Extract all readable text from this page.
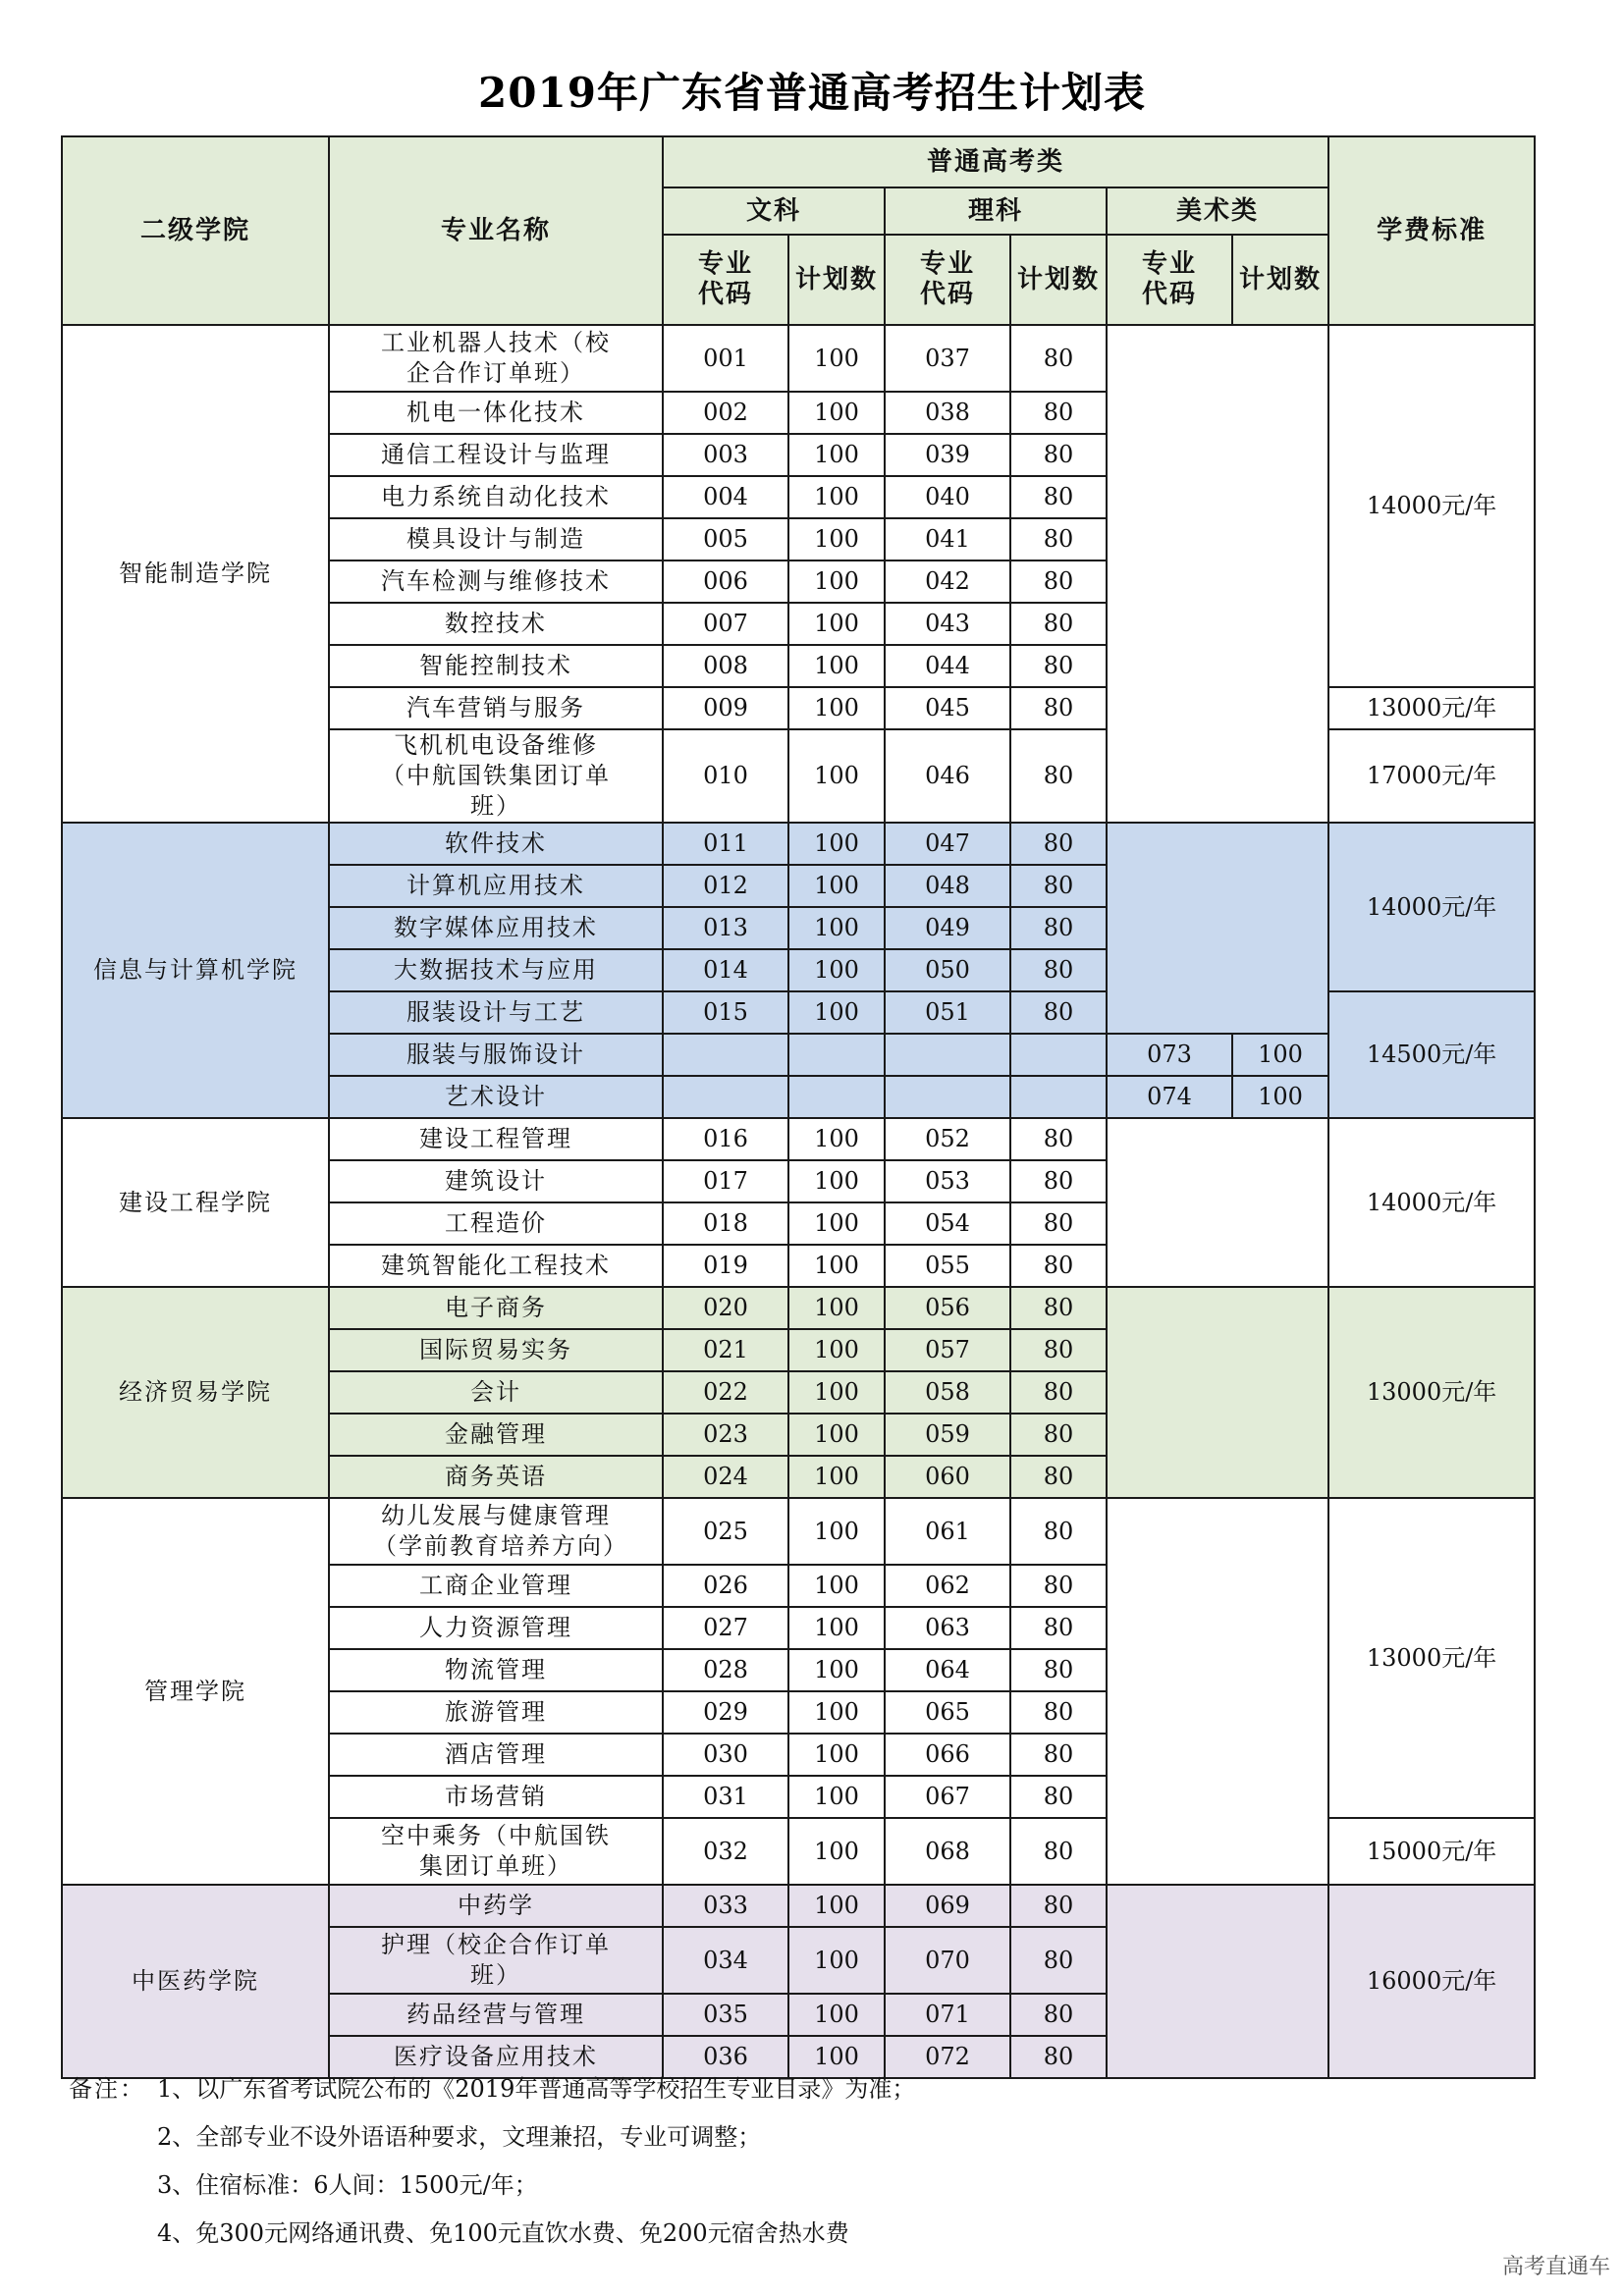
2019年广东省普通高考招生计划表
二级学院	专业名称	普通高考类						学费标准
		文科		理科		美术类		
		专业代码	计划数	专业代码	计划数	专业代码	计划数	
智能制造学院	工业机器人技术（校企合作订单班）	001	100	037	80			14000元/年
	机电一体化技术	002	100	038	80			
	通信工程设计与监理	003	100	039	80			
	电力系统自动化技术	004	100	040	80			
	模具设计与制造	005	100	041	80			
	汽车检测与维修技术	006	100	042	80			
	数控技术	007	100	043	80			
	智能控制技术	008	100	044	80			
	汽车营销与服务	009	100	045	80			13000元/年
	飞机机电设备维修（中航国铁集团订单班）	010	100	046	80			17000元/年
信息与计算机学院	软件技术	011	100	047	80			14000元/年
	计算机应用技术	012	100	048	80			
	数字媒体应用技术	013	100	049	80			
	大数据技术与应用	014	100	050	80			
	服装设计与工艺	015	100	051	80			14500元/年
	服装与服饰设计					073	100	
	艺术设计					074	100	
建设工程学院	建设工程管理	016	100	052	80			14000元/年
	建筑设计	017	100	053	80			
	工程造价	018	100	054	80			
	建筑智能化工程技术	019	100	055	80			
经济贸易学院	电子商务	020	100	056	80			13000元/年
	国际贸易实务	021	100	057	80			
	会计	022	100	058	80			
	金融管理	023	100	059	80			
	商务英语	024	100	060	80			
管理学院	幼儿发展与健康管理（学前教育培养方向）	025	100	061	80			13000元/年
	工商企业管理	026	100	062	80			
	人力资源管理	027	100	063	80			
	物流管理	028	100	064	80			
	旅游管理	029	100	065	80			
	酒店管理	030	100	066	80			
	市场营销	031	100	067	80			
	空中乘务（中航国铁集团订单班）	032	100	068	80			15000元/年
中医药学院	中药学	033	100	069	80			16000元/年
	护理（校企合作订单班）	034	100	070	80			
	药品经营与管理	035	100	071	80			
	医疗设备应用技术	036	100	072	80			
备注： 1、以广东省考试院公布的《2019年普通高等学校招生专业目录》为准；
2、全部专业不设外语语种要求，文理兼招，专业可调整；
3、住宿标准：6人间：1500元/年；
4、免300元网络通讯费、免100元直饮水费、免200元宿舍热水费
高考直通车
